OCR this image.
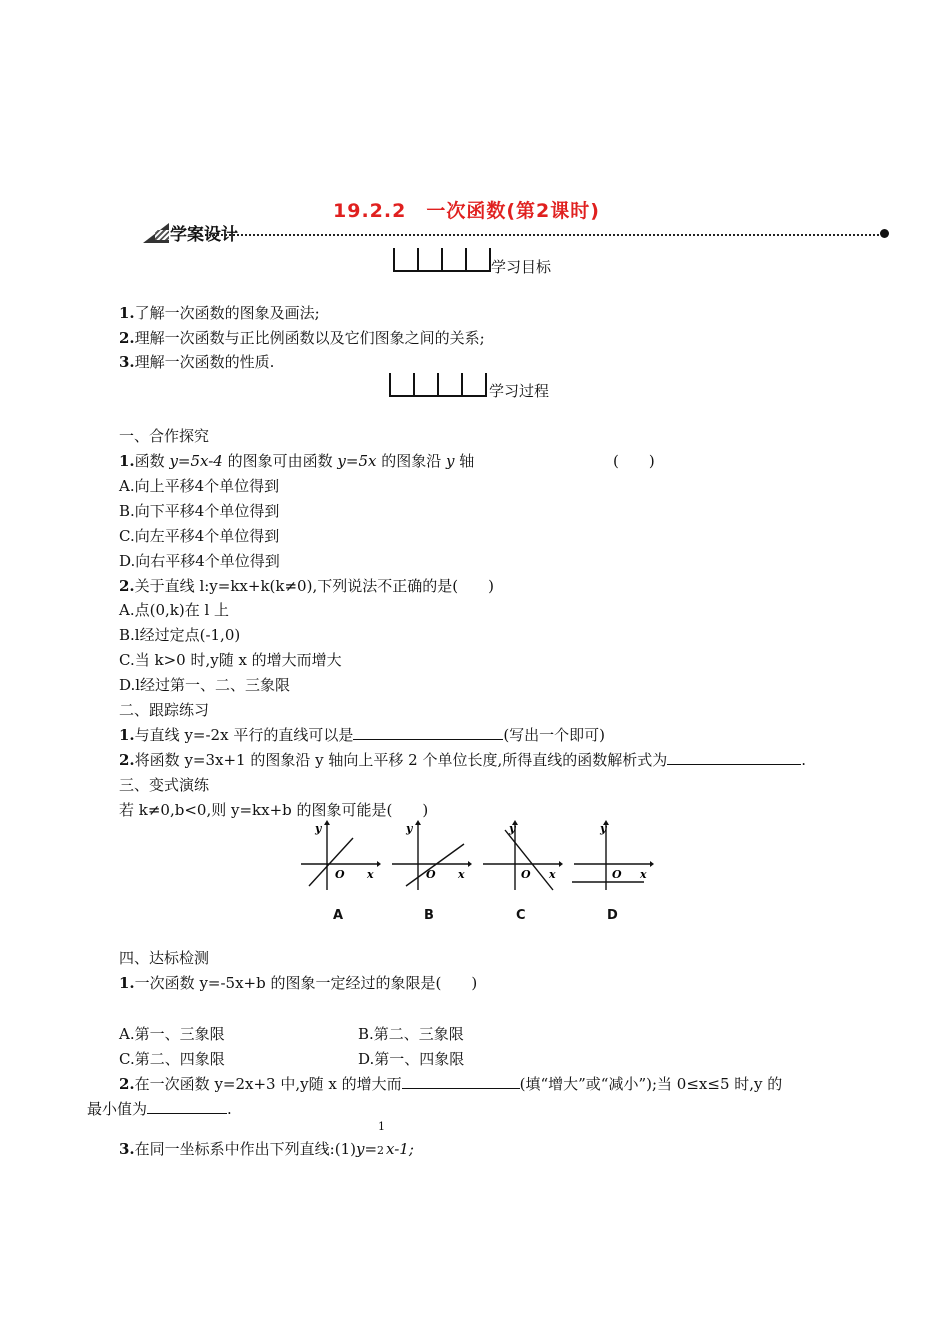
19.2.2　一次函数(第2课时)
学案设计
学习目标
1.了解一次函数的图象及画法;
2.理解一次函数与正比例函数以及它们图象之间的关系;
3.理解一次函数的性质.
学习过程
一、合作探究
1.函数 y=5x-4 的图象可由函数 y=5x 的图象沿 y 轴	(　　)
A.向上平移4个单位得到
B.向下平移4个单位得到
C.向左平移4个单位得到
D.向右平移4个单位得到
2.关于直线 l:y=kx+k(k≠0),下列说法不正确的是(　　)
A.点(0,k)在 l 上
B.l经过定点(-1,0)
C.当 k>0 时,y随 x 的增大而增大
D.l经过第一、二、三象限
二、跟踪练习
1.与直线 y=-2x 平行的直线可以是	(写出一个即可)
2.将函数 y=3x+1 的图象沿 y 轴向上平移 2 个单位长度,所得直线的函数解析式为	.
三、变式演练
若 k≠0,b<0,则 y=kx+b 的图象可能是(　　)
y
O x
y
O x
y
O x
y
O x
A	B	C	D
四、达标检测
1.一次函数 y=-5x+b 的图象一定经过的象限是(　　)
A.第一、三象限	B.第二、三象限
C.第二、四象限	D.第一、四象限
2.在一次函数 y=2x+3 中,y随 x 的增大而	(填“增大”或“减小”);当 0≤x≤5 时,y 的
最小值为	.
3.在同一坐标系中作出下列直线:(1)y=
1
2 x-1;
